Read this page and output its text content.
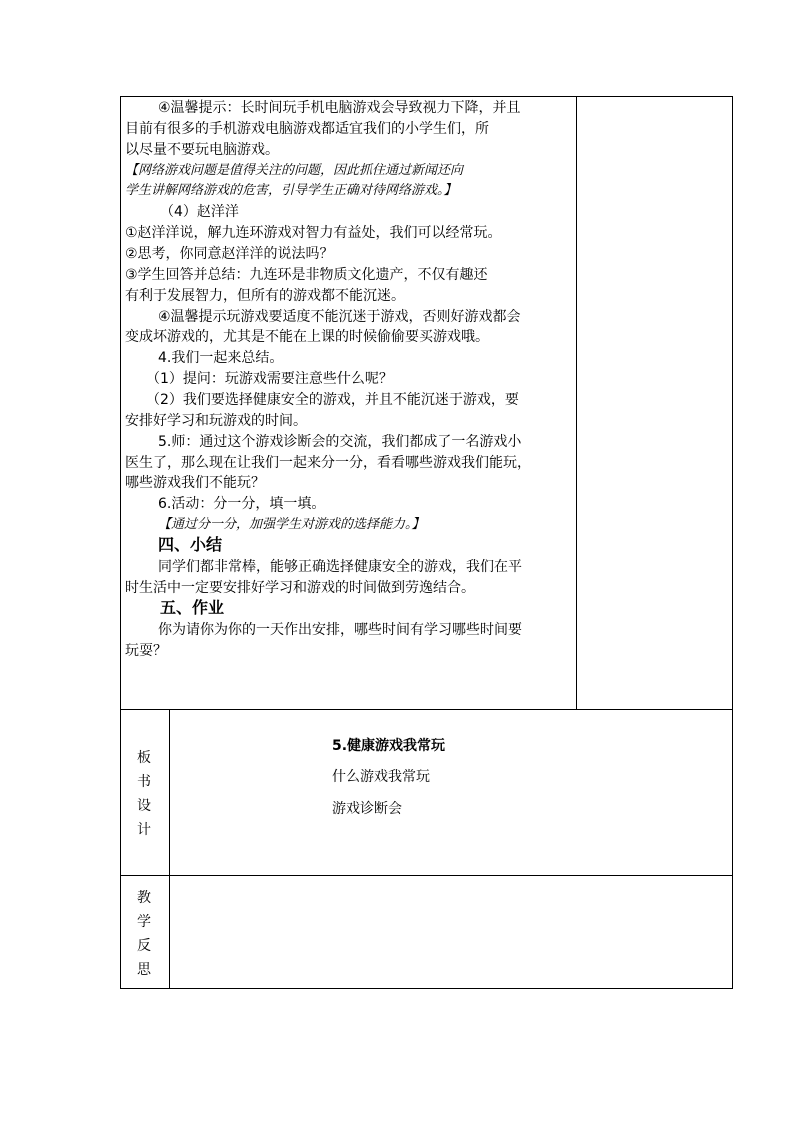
④温馨提示：长时间玩手机电脑游戏会导致视力下降，并且
目前有很多的手机游戏电脑游戏都适宜我们的小学生们，所
以尽量不要玩电脑游戏。
【网络游戏问题是值得关注的问题，因此抓住通过新闻还向
学生讲解网络游戏的危害，引导学生正确对待网络游戏。】
（4）赵洋洋
①赵洋洋说，解九连环游戏对智力有益处，我们可以经常玩。
②思考，你同意赵洋洋的说法吗？
③学生回答并总结：九连环是非物质文化遗产，不仅有趣还
有利于发展智力，但所有的游戏都不能沉迷。
④温馨提示玩游戏要适度不能沉迷于游戏，否则好游戏都会
变成坏游戏的，尤其是不能在上课的时候偷偷要买游戏哦。
4.我们一起来总结。
（1）提问：玩游戏需要注意些什么呢？
（2）我们要选择健康安全的游戏，并且不能沉迷于游戏，要
安排好学习和玩游戏的时间。
5.师：通过这个游戏诊断会的交流，我们都成了一名游戏小
医生了，那么现在让我们一起来分一分，看看哪些游戏我们能玩，
哪些游戏我们不能玩？
6.活动：分一分，填一填。
【通过分一分，加强学生对游戏的选择能力。】
四、小结
同学们都非常棒，能够正确选择健康安全的游戏，我们在平
时生活中一定要安排好学习和游戏的时间做到劳逸结合。
五、作业
你为请你为你的一天作出安排，哪些时间有学习哪些时间要
玩耍？
板
书
设
计
5.健康游戏我常玩
什么游戏我常玩
游戏诊断会
教
学
反
思
